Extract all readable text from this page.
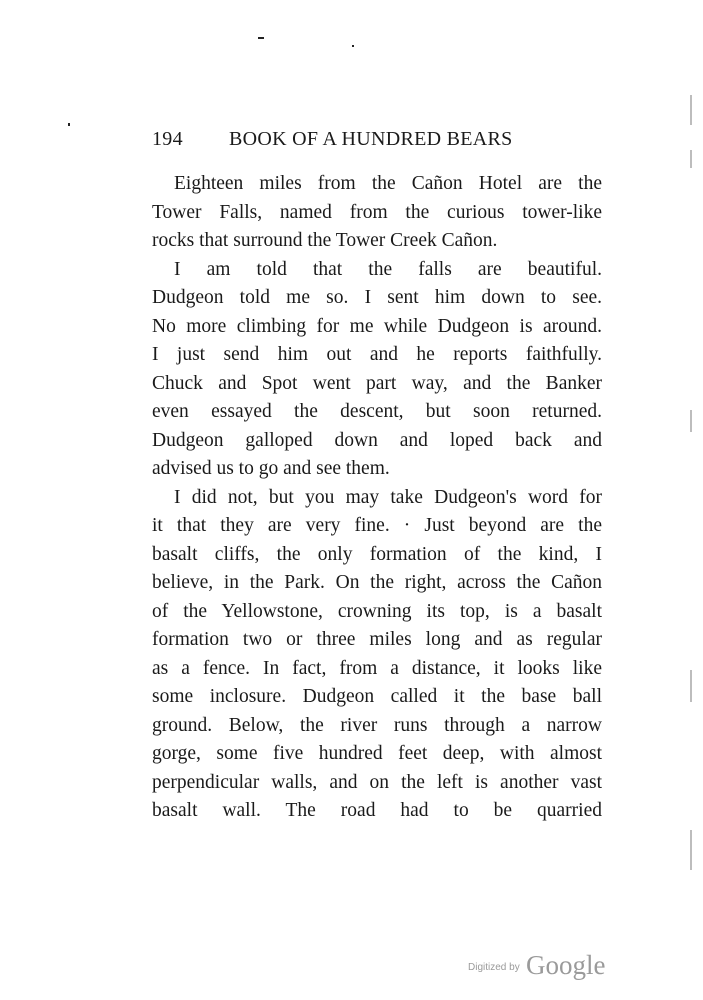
194 BOOK OF A HUNDRED BEARS
Eighteen miles from the Cañon Hotel are the
Tower Falls, named from the curious tower-like
rocks that surround the Tower Creek Cañon.
I am told that the falls are beautiful.
Dudgeon told me so. I sent him down to see.
No more climbing for me while Dudgeon is around.
I just send him out and he reports faithfully.
Chuck and Spot went part way, and the Banker
even essayed the descent, but soon returned.
Dudgeon galloped down and loped back and
advised us to go and see them.
I did not, but you may take Dudgeon's word for
it that they are very fine. · Just beyond are the
basalt cliffs, the only formation of the kind, I
believe, in the Park. On the right, across the Cañon
of the Yellowstone, crowning its top, is a basalt
formation two or three miles long and as regular
as a fence. In fact, from a distance, it looks like
some inclosure. Dudgeon called it the base ball
ground. Below, the river runs through a narrow
gorge, some five hundred feet deep, with almost
perpendicular walls, and on the left is another vast
basalt wall. The road had to be quarried
Digitized by Google
